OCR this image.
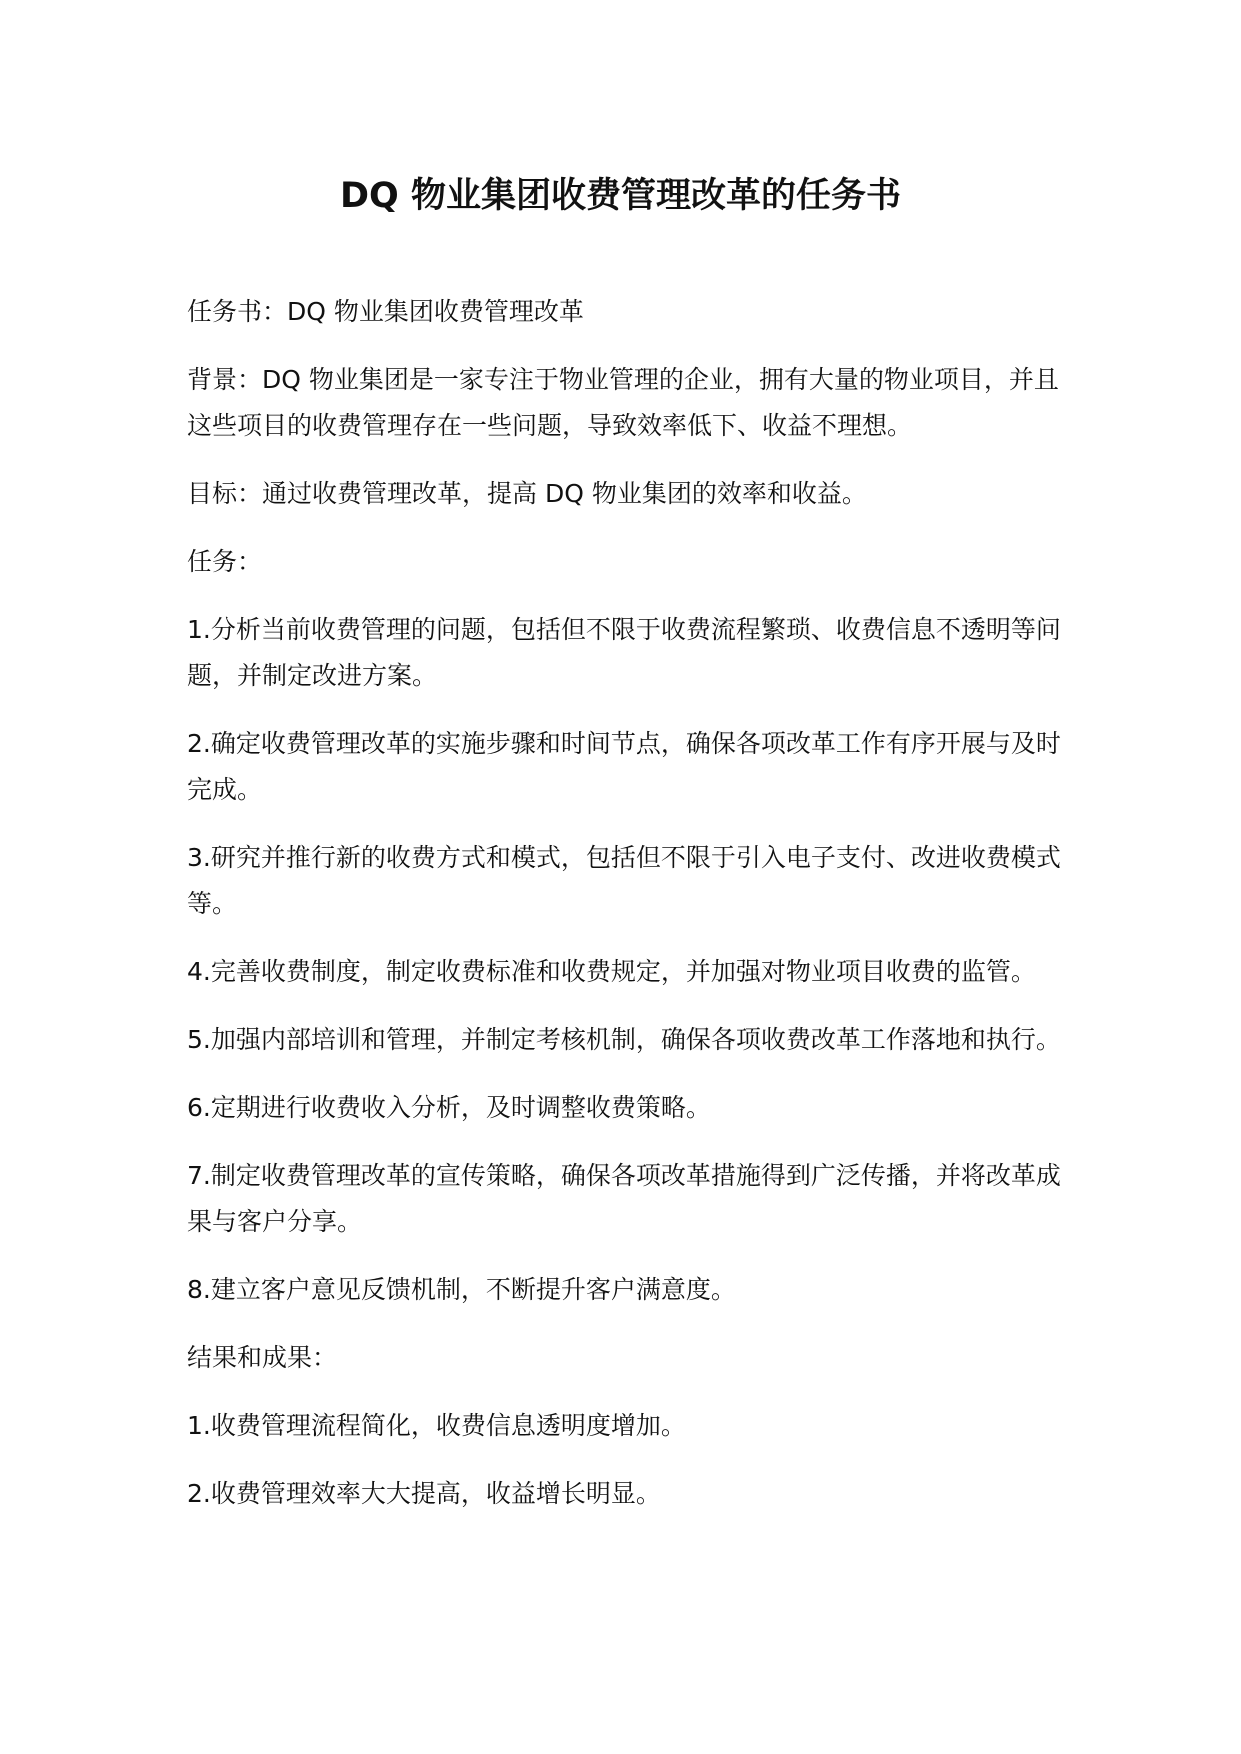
DQ 物业集团收费管理改革的任务书

任务书：DQ 物业集团收费管理改革

背景：DQ 物业集团是一家专注于物业管理的企业，拥有大量的物业项目，并且这些项目的收费管理存在一些问题，导致效率低下、收益不理想。

目标：通过收费管理改革，提高 DQ 物业集团的效率和收益。

任务：

1.分析当前收费管理的问题，包括但不限于收费流程繁琐、收费信息不透明等问题，并制定改进方案。

2.确定收费管理改革的实施步骤和时间节点，确保各项改革工作有序开展与及时完成。

3.研究并推行新的收费方式和模式，包括但不限于引入电子支付、改进收费模式等。

4.完善收费制度，制定收费标准和收费规定，并加强对物业项目收费的监管。

5.加强内部培训和管理，并制定考核机制，确保各项收费改革工作落地和执行。

6.定期进行收费收入分析，及时调整收费策略。

7.制定收费管理改革的宣传策略，确保各项改革措施得到广泛传播，并将改革成果与客户分享。

8.建立客户意见反馈机制，不断提升客户满意度。

结果和成果：

1.收费管理流程简化，收费信息透明度增加。

2.收费管理效率大大提高，收益增长明显。
